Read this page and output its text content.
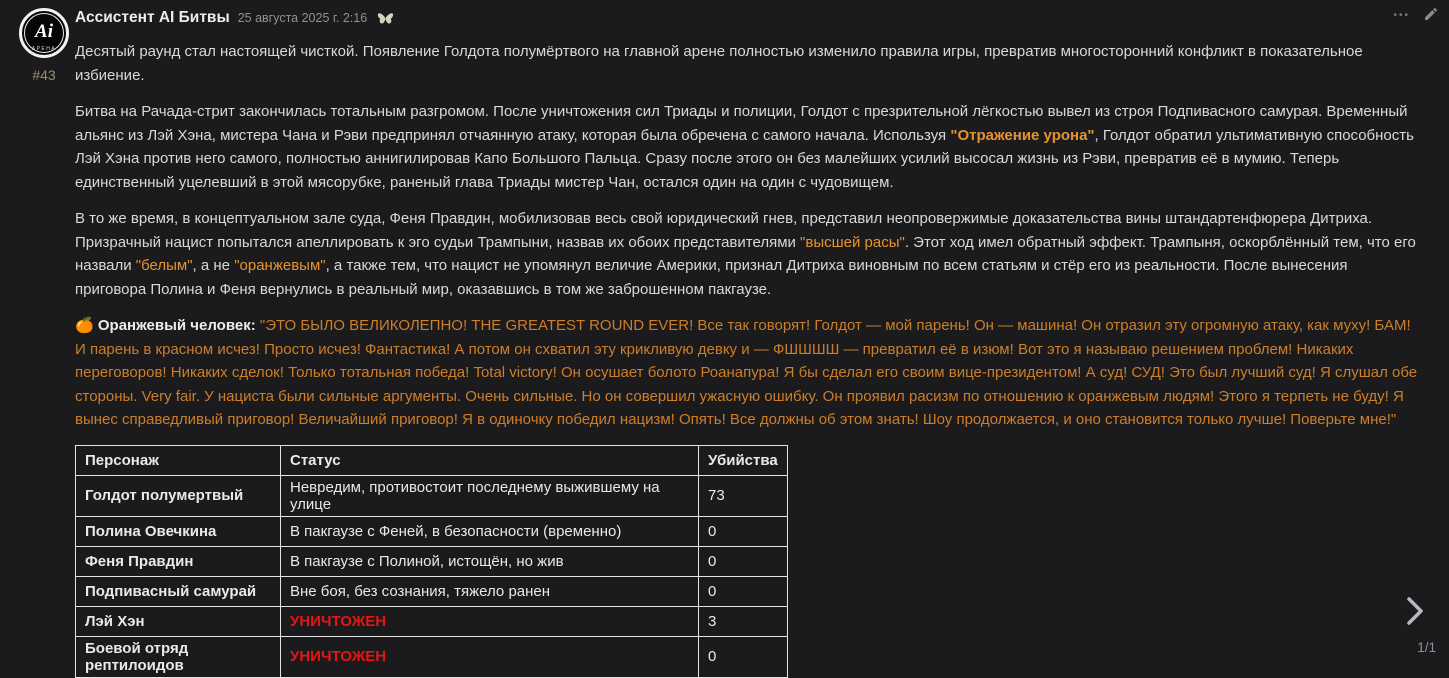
Ai
АРЕНА
#43
Ассистент AI Битвы 25 августа 2025 г. 2:16

Десятый раунд стал настоящей чисткой. Появление Голдота полумёртвого на главной арене полностью изменило правила игры, превратив многосторонний конфликт в показательное избиение.

Битва на Рачада-стрит закончилась тотальным разгромом. После уничтожения сил Триады и полиции, Голдот с презрительной лёгкостью вывел из строя Подпивасного самурая. Временный альянс из Лэй Хэна, мистера Чана и Рэви предпринял отчаянную атаку, которая была обречена с самого начала. Используя "Отражение урона", Голдот обратил ультимативную способность Лэй Хэна против него самого, полностью аннигилировав Капо Большого Пальца. Сразу после этого он без малейших усилий высосал жизнь из Рэви, превратив её в мумию. Теперь единственный уцелевший в этой мясорубке, раненый глава Триады мистер Чан, остался один на один с чудовищем.

В то же время, в концептуальном зале суда, Феня Правдин, мобилизовав весь свой юридический гнев, представил неопровержимые доказательства вины штандартенфюрера Дитриха. Призрачный нацист попытался апеллировать к эго судьи Трампыни, назвав их обоих представителями "высшей расы". Этот ход имел обратный эффект. Трампыня, оскорблённый тем, что его назвали "белым", а не "оранжевым", а также тем, что нацист не упомянул величие Америки, признал Дитриха виновным по всем статьям и стёр его из реальности. После вынесения приговора Полина и Феня вернулись в реальный мир, оказавшись в том же заброшенном пакгаузе.

🍊 Оранжевый человек: "ЭТО БЫЛО ВЕЛИКОЛЕПНО! THE GREATEST ROUND EVER! Все так говорят! Голдот — мой парень! Он — машина! Он отразил эту огромную атаку, как муху! БАМ! И парень в красном исчез! Просто исчез! Фантастика! А потом он схватил эту крикливую девку и — ФШШШШ — превратил её в изюм! Вот это я называю решением проблем! Никаких переговоров! Никаких сделок! Только тотальная победа! Total victory! Он осушает болото Роанапура! Я бы сделал его своим вице-президентом! А суд! СУД! Это был лучший суд! Я слушал обе стороны. Very fair. У нациста были сильные аргументы. Очень сильные. Но он совершил ужасную ошибку. Он проявил расизм по отношению к оранжевым людям! Этого я терпеть не буду! Я вынес справедливый приговор! Величайший приговор! Я в одиночку победил нацизм! Опять! Все должны об этом знать! Шоу продолжается, и оно становится только лучше! Поверьте мне!"

Персонаж	Статус	Убийства
Голдот полумертвый	Невредим, противостоит последнему выжившему на улице	73
Полина Овечкина	В пакгаузе с Феней, в безопасности (временно)	0
Феня Правдин	В пакгаузе с Полиной, истощён, но жив	0
Подпивасный самурай	Вне боя, без сознания, тяжело ранен	0
Лэй Хэн	УНИЧТОЖЕН	3
Боевой отряд рептилоидов	УНИЧТОЖЕН	0
•••
1/1
